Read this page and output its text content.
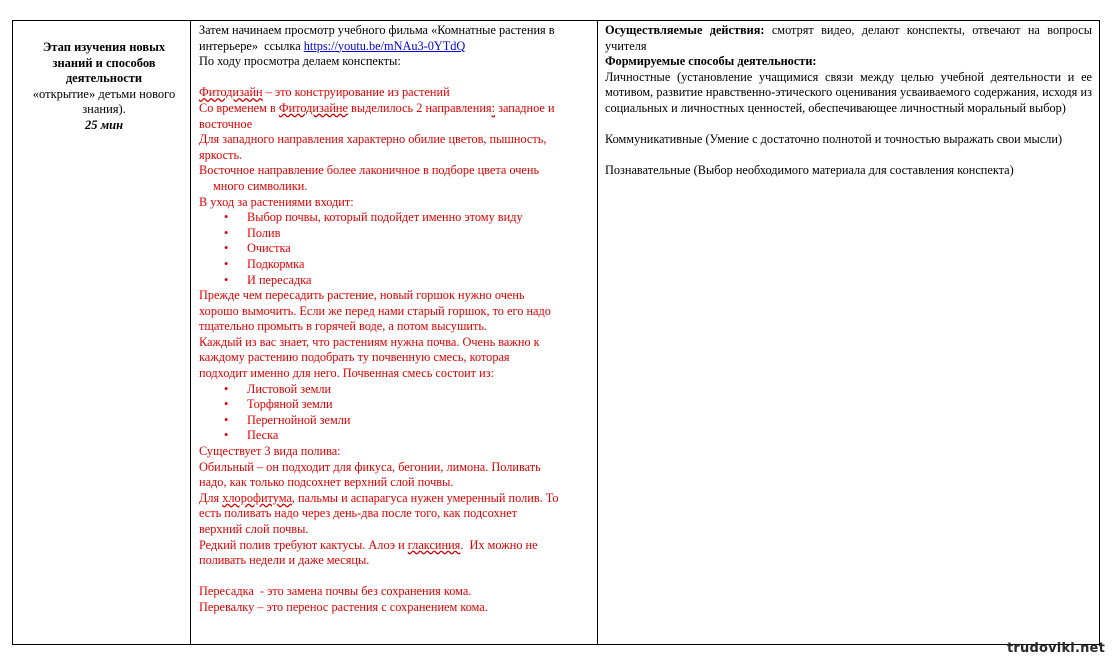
Этап изучения новых
знаний и способов
деятельности
«открытие» детьми нового
знания).
25 мин
Затем начинаем просмотр учебного фильма «Комнатные растения в
интерьере»  ссылка https://youtu.be/mNAu3-0YTdQ
По ходу просмотра делаем конспекты:
Фитодизайн – это конструирование из растений
Со временем в Фитодизайне выделилось 2 направления: западное и
восточное
Для западного направления характерно обилие цветов, пышность,
яркость.
Восточное направление более лаконичное в подборе цвета очень
много символики.
В уход за растениями входит:
• Выбор почвы, который подойдет именно этому виду
• Полив
• Очистка
• Подкормка
• И пересадка
Прежде чем пересадить растение, новый горшок нужно очень
хорошо вымочить. Если же перед нами старый горшок, то его надо
тщательно промыть в горячей воде, а потом высушить.
Каждый из вас знает, что растениям нужна почва. Очень важно к
каждому растению подобрать ту почвенную смесь, которая
подходит именно для него. Почвенная смесь состоит из:
• Листовой земли
• Торфяной земли
• Перегнойной земли
• Песка
Существует 3 вида полива:
Обильный – он подходит для фикуса, бегонии, лимона. Поливать
надо, как только подсохнет верхний слой почвы.
Для хлорофитума, пальмы и аспарагуса нужен умеренный полив. То
есть поливать надо через день-два после того, как подсохнет
верхний слой почвы.
Редкий полив требуют кактусы. Алоэ и глаксиния.  Их можно не
поливать недели и даже месяцы.
Пересадка  - это замена почвы без сохранения кома.
Перевалку – это перенос растения с сохранением кома.
Осуществляемые действия: смотрят видео, делают конспекты, отвечают на вопросы учителя
Формируемые способы деятельности:
Личностные (установление учащимися связи между целью учебной деятельности и ее мотивом, развитие нравственно-этического оценивания усваиваемого содержания, исходя из социальных и личностных ценностей, обеспечивающее личностный моральный выбор)
Коммуникативные (Умение с достаточно полнотой и точностью выражать свои мысли)
Познавательные (Выбор необходимого материала для составления конспекта)
trudoviki.net
